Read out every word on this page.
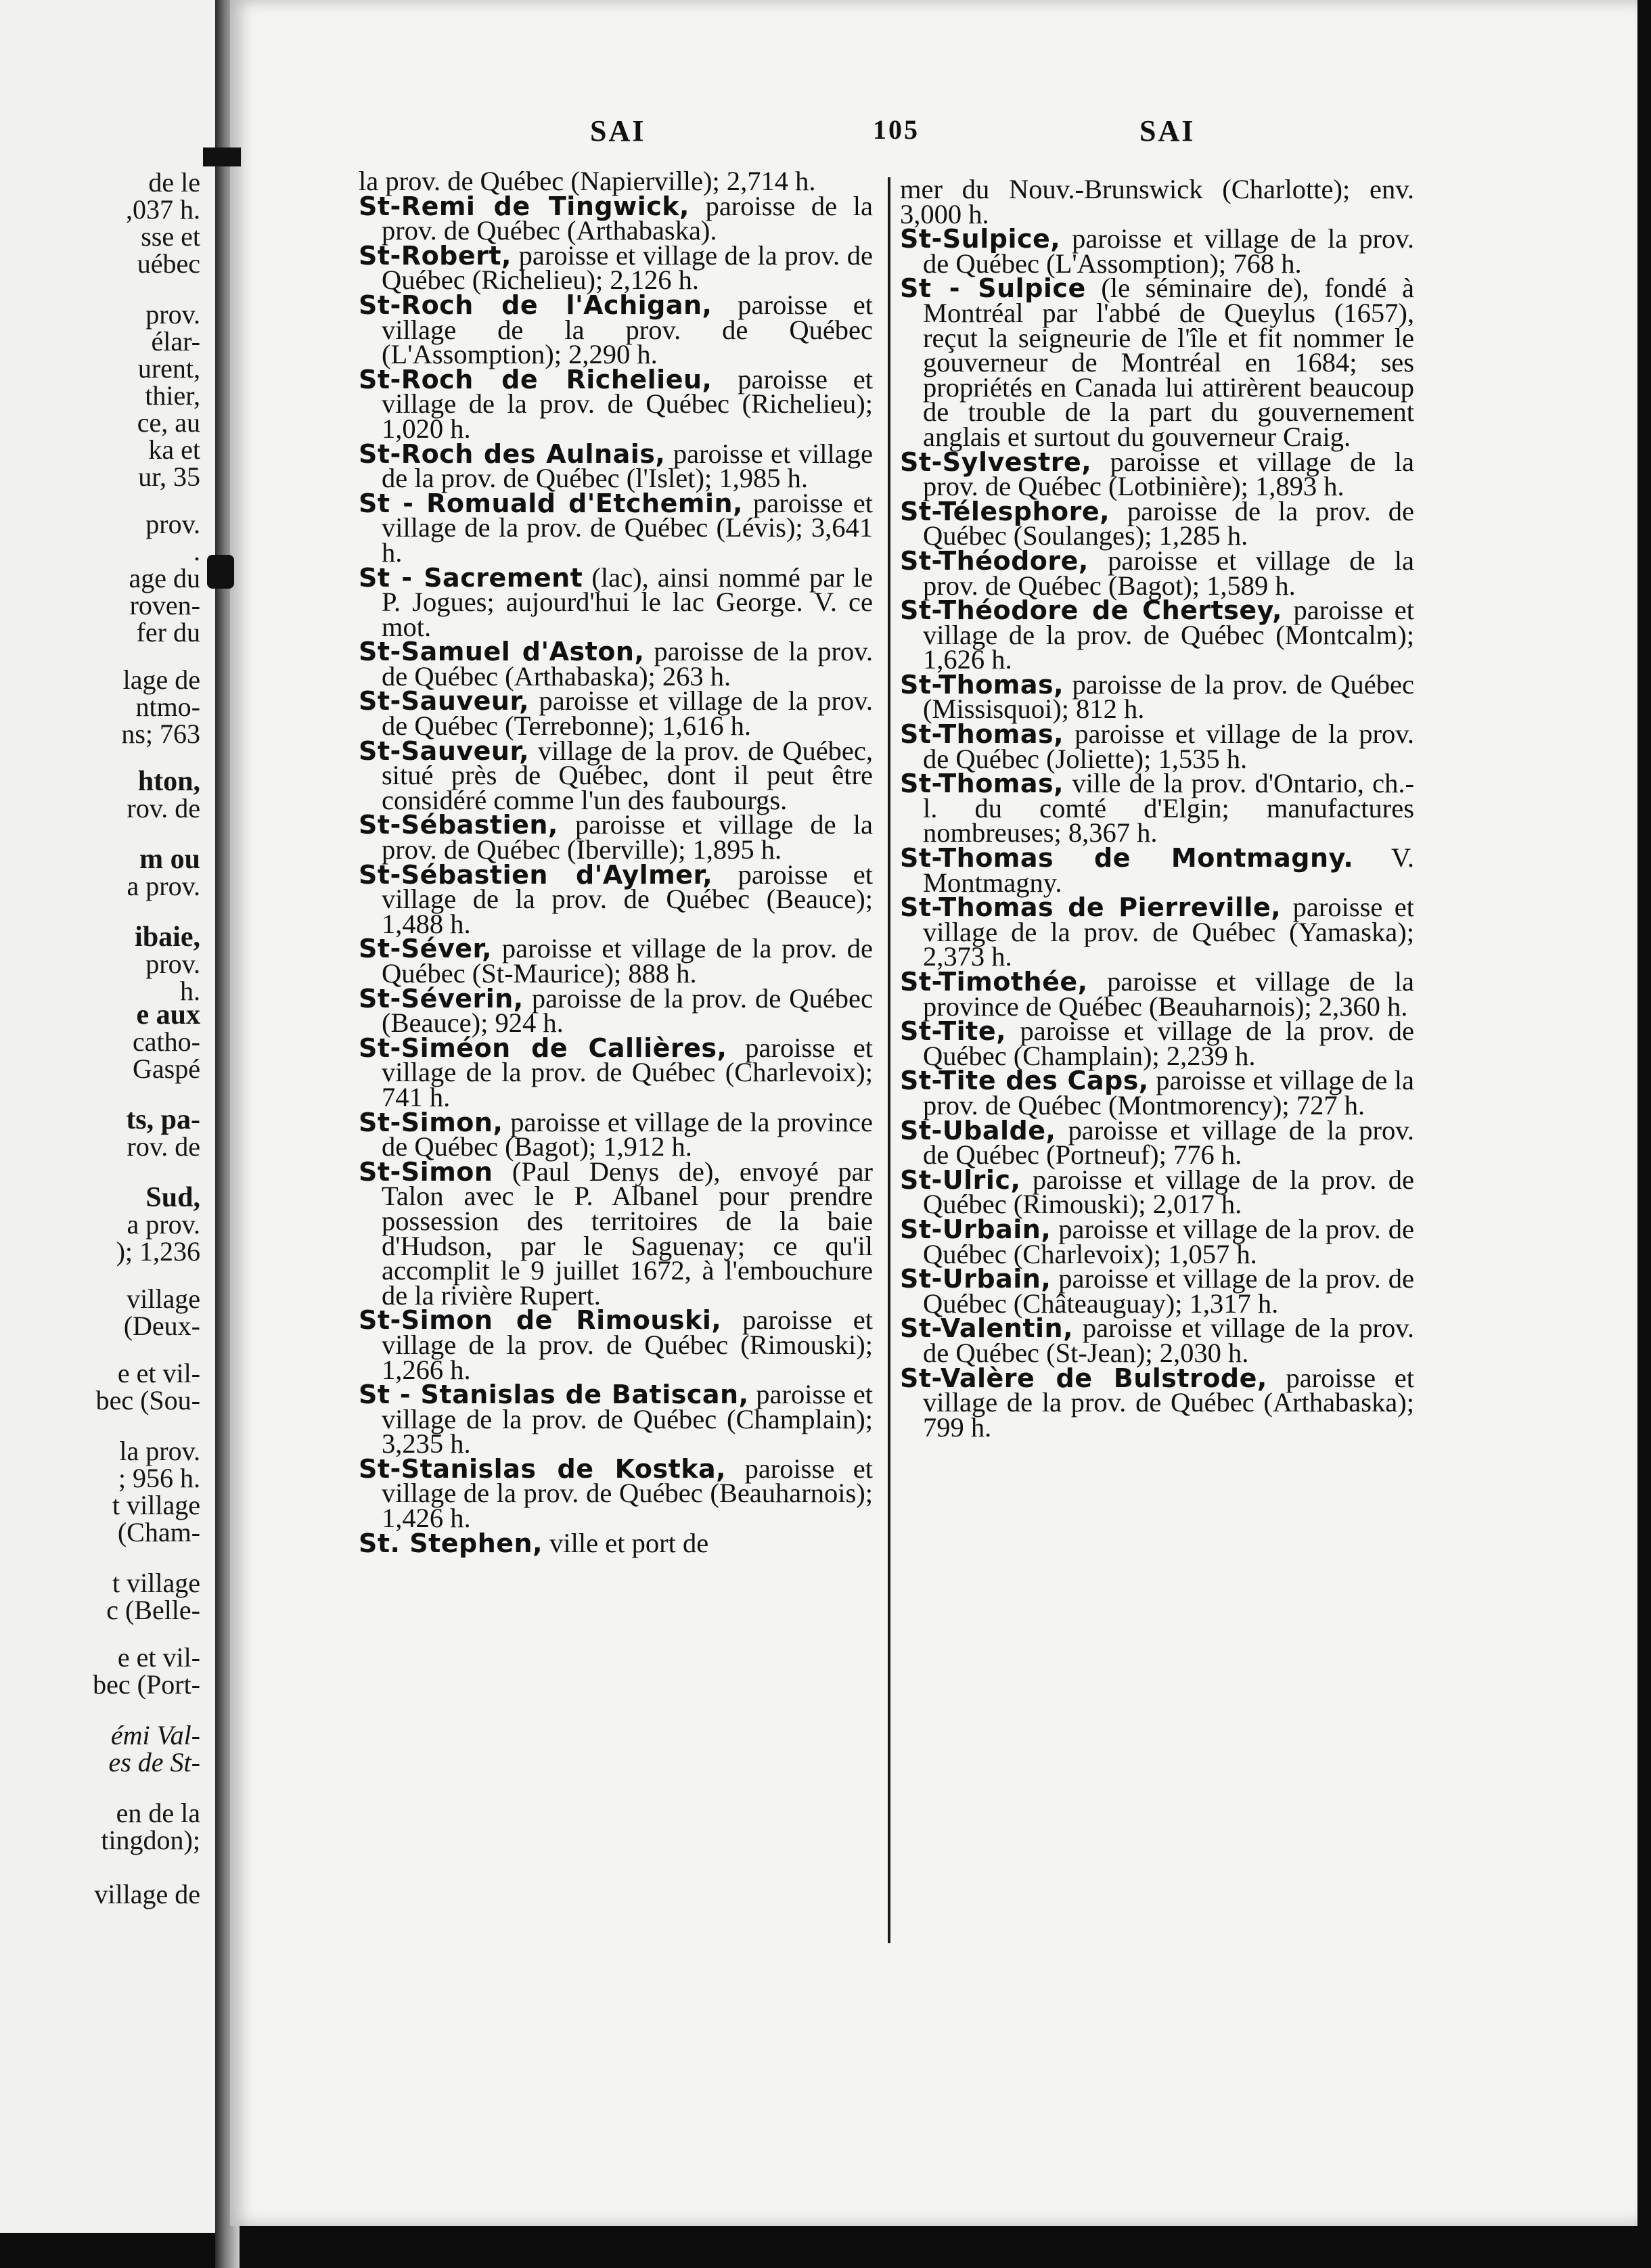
de le
,037 h.
sse et
uébec
prov.
élar-
urent,
thier,
ce, au
ka et
ur, 35
prov.
.
age du
roven-
fer du
lage de
ntmo-
ns; 763
hton,
rov. de
m ou
a prov.
ibaie,
prov.
h.
e aux
catho-
Gaspé
ts, pa-
rov. de
Sud,
a prov.
); 1,236
village
(Deux-
e et vil-
bec (Sou-
la prov.
; 956 h.
t village
(Cham-
t village
c (Belle-
e et vil-
bec (Port-
émi Val-
es de St-
en de la
tingdon);
village de
SAI	105	SAI

la prov. de Québec (Napierville); 2,714 h.

St-Remi de Tingwick, paroisse de la prov. de Québec (Arthabaska).

St-Robert, paroisse et village de la prov. de Québec (Richelieu); 2,126 h.

St-Roch de l'Achigan, paroisse et village de la prov. de Québec (L'Assomption); 2,290 h.

St-Roch de Richelieu, paroisse et village de la prov. de Québec (Richelieu); 1,020 h.

St-Roch des Aulnais, paroisse et village de la prov. de Québec (l'Islet); 1,985 h.

St - Romuald d'Etchemin, paroisse et village de la prov. de Québec (Lévis); 3,641 h.

St - Sacrement (lac), ainsi nommé par le P. Jogues; aujourd'hui le lac George. V. ce mot.

St-Samuel d'Aston, paroisse de la prov. de Québec (Arthabaska); 263 h.

St-Sauveur, paroisse et village de la prov. de Québec (Terrebonne); 1,616 h.

St-Sauveur, village de la prov. de Québec, situé près de Québec, dont il peut être considéré comme l'un des faubourgs.

St-Sébastien, paroisse et village de la prov. de Québec (Iberville); 1,895 h.

St-Sébastien d'Aylmer, paroisse et village de la prov. de Québec (Beauce); 1,488 h.

St-Séver, paroisse et village de la prov. de Québec (St-Maurice); 888 h.

St-Séverin, paroisse de la prov. de Québec (Beauce); 924 h.

St-Siméon de Callières, paroisse et village de la prov. de Québec (Charlevoix); 741 h.

St-Simon, paroisse et village de la province de Québec (Bagot); 1,912 h.

St-Simon (Paul Denys de), envoyé par Talon avec le P. Albanel pour prendre possession des territoires de la baie d'Hudson, par le Saguenay; ce qu'il accomplit le 9 juillet 1672, à l'embouchure de la rivière Rupert.

St-Simon de Rimouski, paroisse et village de la prov. de Québec (Rimouski); 1,266 h.

St - Stanislas de Batiscan, paroisse et village de la prov. de Québec (Champlain); 3,235 h.

St-Stanislas de Kostka, paroisse et village de la prov. de Québec (Beauharnois); 1,426 h.

St. Stephen, ville et port de

mer du Nouv.-Brunswick (Charlotte); env. 3,000 h.

St-Sulpice, paroisse et village de la prov. de Québec (L'Assomption); 768 h.

St - Sulpice (le séminaire de), fondé à Montréal par l'abbé de Queylus (1657), reçut la seigneurie de l'île et fit nommer le gouverneur de Montréal en 1684; ses propriétés en Canada lui attirèrent beaucoup de trouble de la part du gouvernement anglais et surtout du gouverneur Craig.

St-Sylvestre, paroisse et village de la prov. de Québec (Lotbinière); 1,893 h.

St-Télesphore, paroisse de la prov. de Québec (Soulanges); 1,285 h.

St-Théodore, paroisse et village de la prov. de Québec (Bagot); 1,589 h.

St-Théodore de Chertsey, paroisse et village de la prov. de Québec (Montcalm); 1,626 h.

St-Thomas, paroisse de la prov. de Québec (Missisquoi); 812 h.

St-Thomas, paroisse et village de la prov. de Québec (Joliette); 1,535 h.

St-Thomas, ville de la prov. d'Ontario, ch.-l. du comté d'Elgin; manufactures nombreuses; 8,367 h.

St-Thomas de Montmagny. V. Montmagny.

St-Thomas de Pierreville, paroisse et village de la prov. de Québec (Yamaska); 2,373 h.

St-Timothée, paroisse et village de la province de Québec (Beauharnois); 2,360 h.

St-Tite, paroisse et village de la prov. de Québec (Champlain); 2,239 h.

St-Tite des Caps, paroisse et village de la prov. de Québec (Montmorency); 727 h.

St-Ubalde, paroisse et village de la prov. de Québec (Portneuf); 776 h.

St-Ulric, paroisse et village de la prov. de Québec (Rimouski); 2,017 h.

St-Urbain, paroisse et village de la prov. de Québec (Charlevoix); 1,057 h.

St-Urbain, paroisse et village de la prov. de Québec (Châteauguay); 1,317 h.

St-Valentin, paroisse et village de la prov. de Québec (St-Jean); 2,030 h.

St-Valère de Bulstrode, paroisse et village de la prov. de Québec (Arthabaska); 799 h.
